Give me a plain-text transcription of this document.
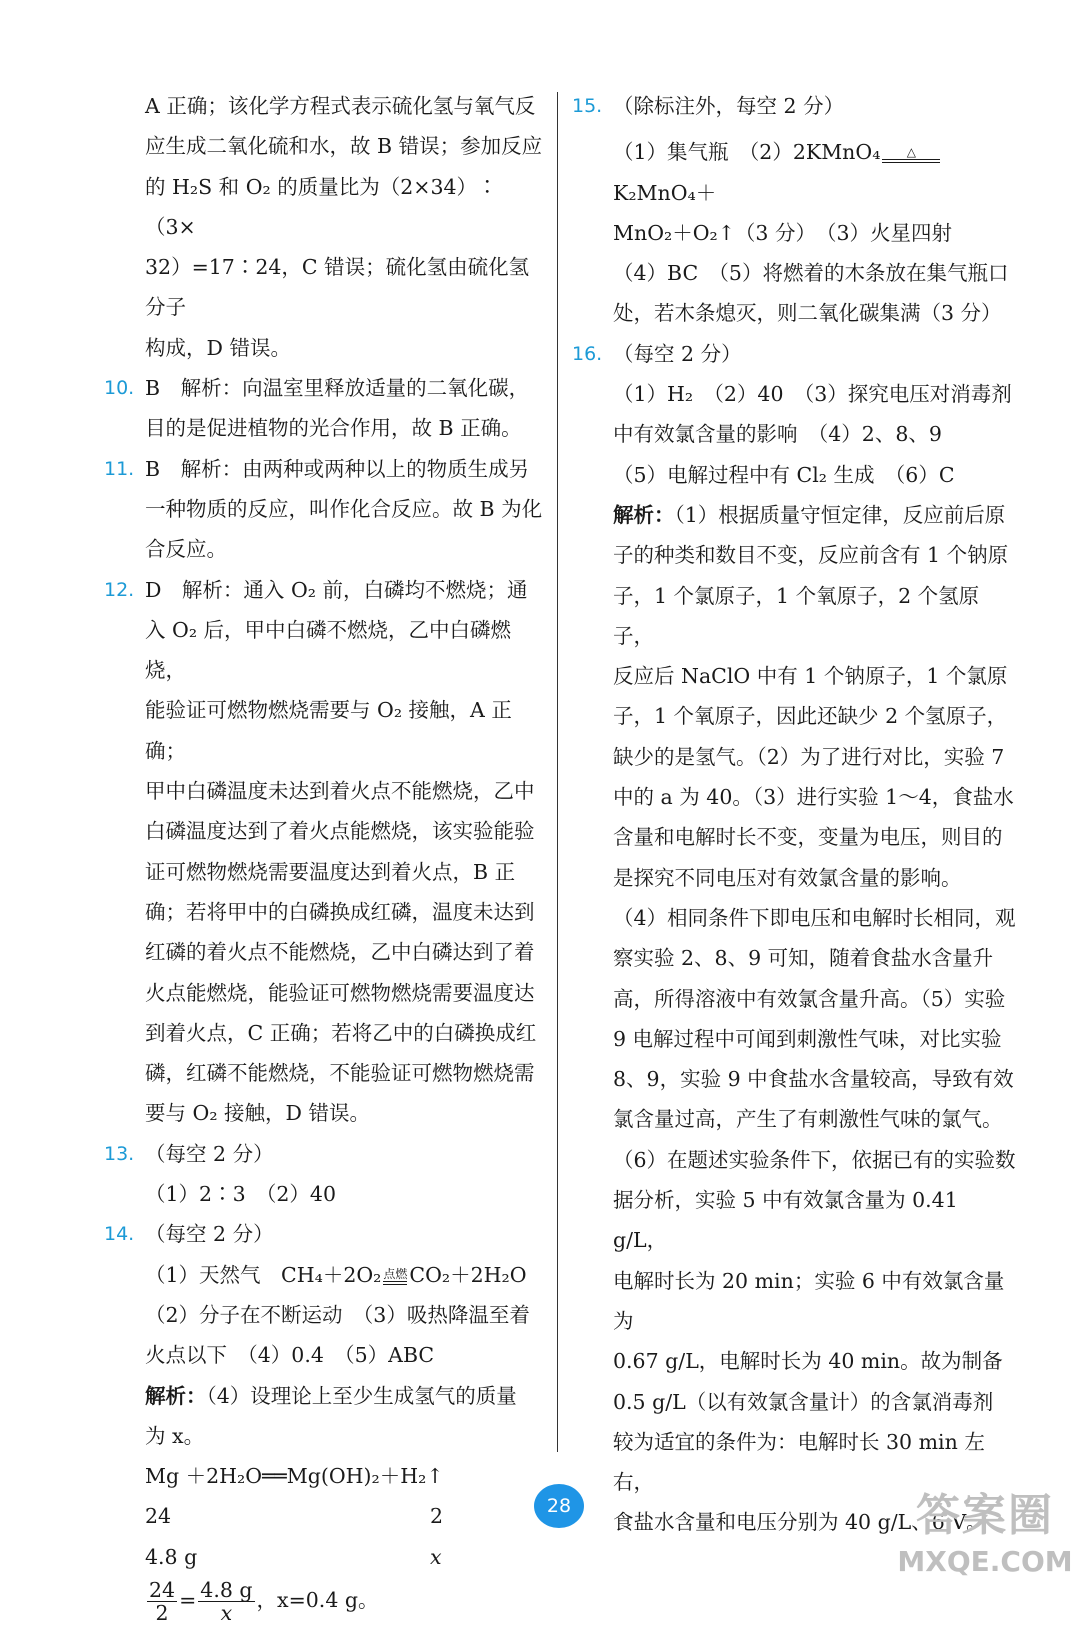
A 正确；该化学方程式表示硫化氢与氧气反

应生成二氧化硫和水，故 B 错误；参加反应

的 H₂S 和 O₂ 的质量比为（2×34）∶（3×

32）=17∶24，C 错误；硫化氢由硫化氢分子

构成，D 错误。

10. B　解析：向温室里释放适量的二氧化碳，

目的是促进植物的光合作用，故 B 正确。

11. B　解析：由两种或两种以上的物质生成另

一种物质的反应，叫作化合反应。故 B 为化

合反应。

12. D　解析：通入 O₂ 前，白磷均不燃烧；通

入 O₂ 后，甲中白磷不燃烧，乙中白磷燃烧，

能验证可燃物燃烧需要与 O₂ 接触，A 正确；

甲中白磷温度未达到着火点不能燃烧，乙中

白磷温度达到了着火点能燃烧，该实验能验

证可燃物燃烧需要温度达到着火点，B 正

确；若将甲中的白磷换成红磷，温度未达到

红磷的着火点不能燃烧，乙中白磷达到了着

火点能燃烧，能验证可燃物燃烧需要温度达

到着火点，C 正确；若将乙中的白磷换成红

磷，红磷不能燃烧，不能验证可燃物燃烧需

要与 O₂ 接触，D 错误。

13. （每空 2 分）

（1）2∶3　（2）40

14. （每空 2 分）

（1）天然气　CH₄＋2O₂ 点燃 CO₂＋2H₂O

（2）分子在不断运动　（3）吸热降温至着

火点以下　（4）0.4　（5）ABC

解析：（4）设理论上至少生成氢气的质量

为 x。

Mg ＋2H₂O══Mg(OH)₂＋H₂↑

24	2

4.8 g	x

$\frac{24}{2} = \frac{4.8 g}{x}$ ，x=0.4 g。

15. （除标注外，每空 2 分）

（1）集气瓶　（2）2KMnO₄	△
K₂MnO₄＋

MnO₂＋O₂↑（3 分）　（3）火星四射

（4）BC　（5）将燃着的木条放在集气瓶口

处，若木条熄灭，则二氧化碳集满（3 分）

16. （每空 2 分）

（1）H₂　（2）40　（3）探究电压对消毒剂

中有效氯含量的影响　（4）2、8、9

（5）电解过程中有 Cl₂ 生成　（6）C

解析：（1）根据质量守恒定律，反应前后原

子的种类和数目不变，反应前含有 1 个钠原

子，1 个氯原子，1 个氧原子，2 个氢原子，

反应后 NaClO 中有 1 个钠原子，1 个氯原

子，1 个氧原子，因此还缺少 2 个氢原子，

缺少的是氢气。（2）为了进行对比，实验 7

中的 a 为 40。（3）进行实验 1～4，食盐水

含量和电解时长不变，变量为电压，则目的

是探究不同电压对有效氯含量的影响。

（4）相同条件下即电压和电解时长相同，观

察实验 2、8、9 可知，随着食盐水含量升

高，所得溶液中有效氯含量升高。（5）实验

9 电解过程中可闻到刺激性气味，对比实验

8、9，实验 9 中食盐水含量较高，导致有效

氯含量过高，产生了有刺激性气味的氯气。

（6）在题述实验条件下，依据已有的实验数

据分析，实验 5 中有效氯含量为 0.41 g/L，

电解时长为 20 min；实验 6 中有效氯含量为

0.67 g/L，电解时长为 40 min。故为制备

0.5 g/L（以有效氯含量计）的含氯消毒剂

较为适宜的条件为：电解时长 30 min 左右，

食盐水含量和电压分别为 40 g/L、6 V。

28	答案圈
MXQE.COM
